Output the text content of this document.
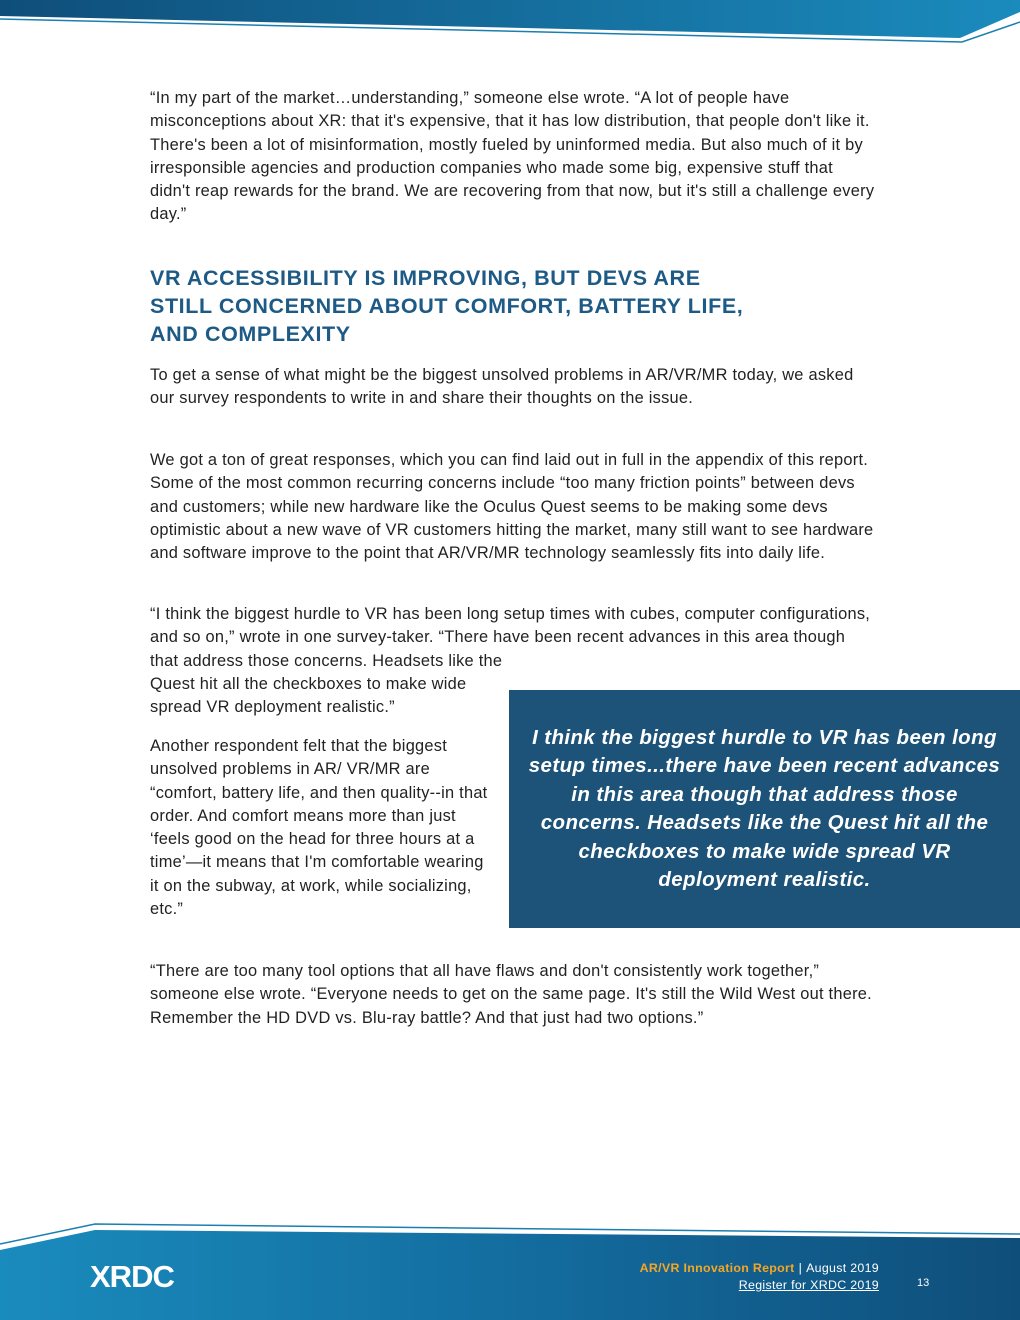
“In my part of the market…understanding,” someone else wrote. “A lot of people have misconceptions about XR: that it's expensive, that it has low distribution, that people don't like it. There's been a lot of misinformation, mostly fueled by uninformed media. But also much of it by irresponsible agencies and production companies who made some big, expensive stuff that didn't reap rewards for the brand. We are recovering from that now, but it's still a challenge every day.”

VR ACCESSIBILITY IS IMPROVING, BUT DEVS ARE
STILL CONCERNED ABOUT COMFORT, BATTERY LIFE,
AND COMPLEXITY

To get a sense of what might be the biggest unsolved problems in AR/VR/MR today, we asked our survey respondents to write in and share their thoughts on the issue.

We got a ton of great responses, which you can find laid out in full in the appendix of this report. Some of the most common recurring concerns include “too many friction points” between devs and customers; while new hardware like the Oculus Quest seems to be making some devs optimistic about a new wave of VR customers hitting the market, many still want to see hardware and software improve to the point that AR/VR/MR technology seamlessly fits into daily life.

“I think the biggest hurdle to VR has been long setup times with cubes, computer configurations, and so on,” wrote in one survey-taker. “There have been recent advances in this area though that address those concerns. Headsets like the
Quest hit all the checkboxes to make wide spread VR deployment realistic.”

Another respondent felt that the biggest unsolved problems in AR/ VR/MR are “comfort, battery life, and then quality--in that order. And comfort means more than just ‘feels good on the head for three hours at a time’—it means that I'm comfortable wearing it on the subway, at work, while socializing, etc.”

I think the biggest hurdle to VR has been long setup times...there have been recent advances in this area though that address those concerns. Headsets like the Quest hit all the checkboxes to make wide spread VR deployment realistic.

“There are too many tool options that all have flaws and don't consistently work together,” someone else wrote. “Everyone needs to get on the same page. It's still the Wild West out there. Remember the HD DVD vs. Blu-ray battle? And that just had two options.”

XRDC	AR/VR Innovation Report | August 2019
Register for XRDC 2019	13
